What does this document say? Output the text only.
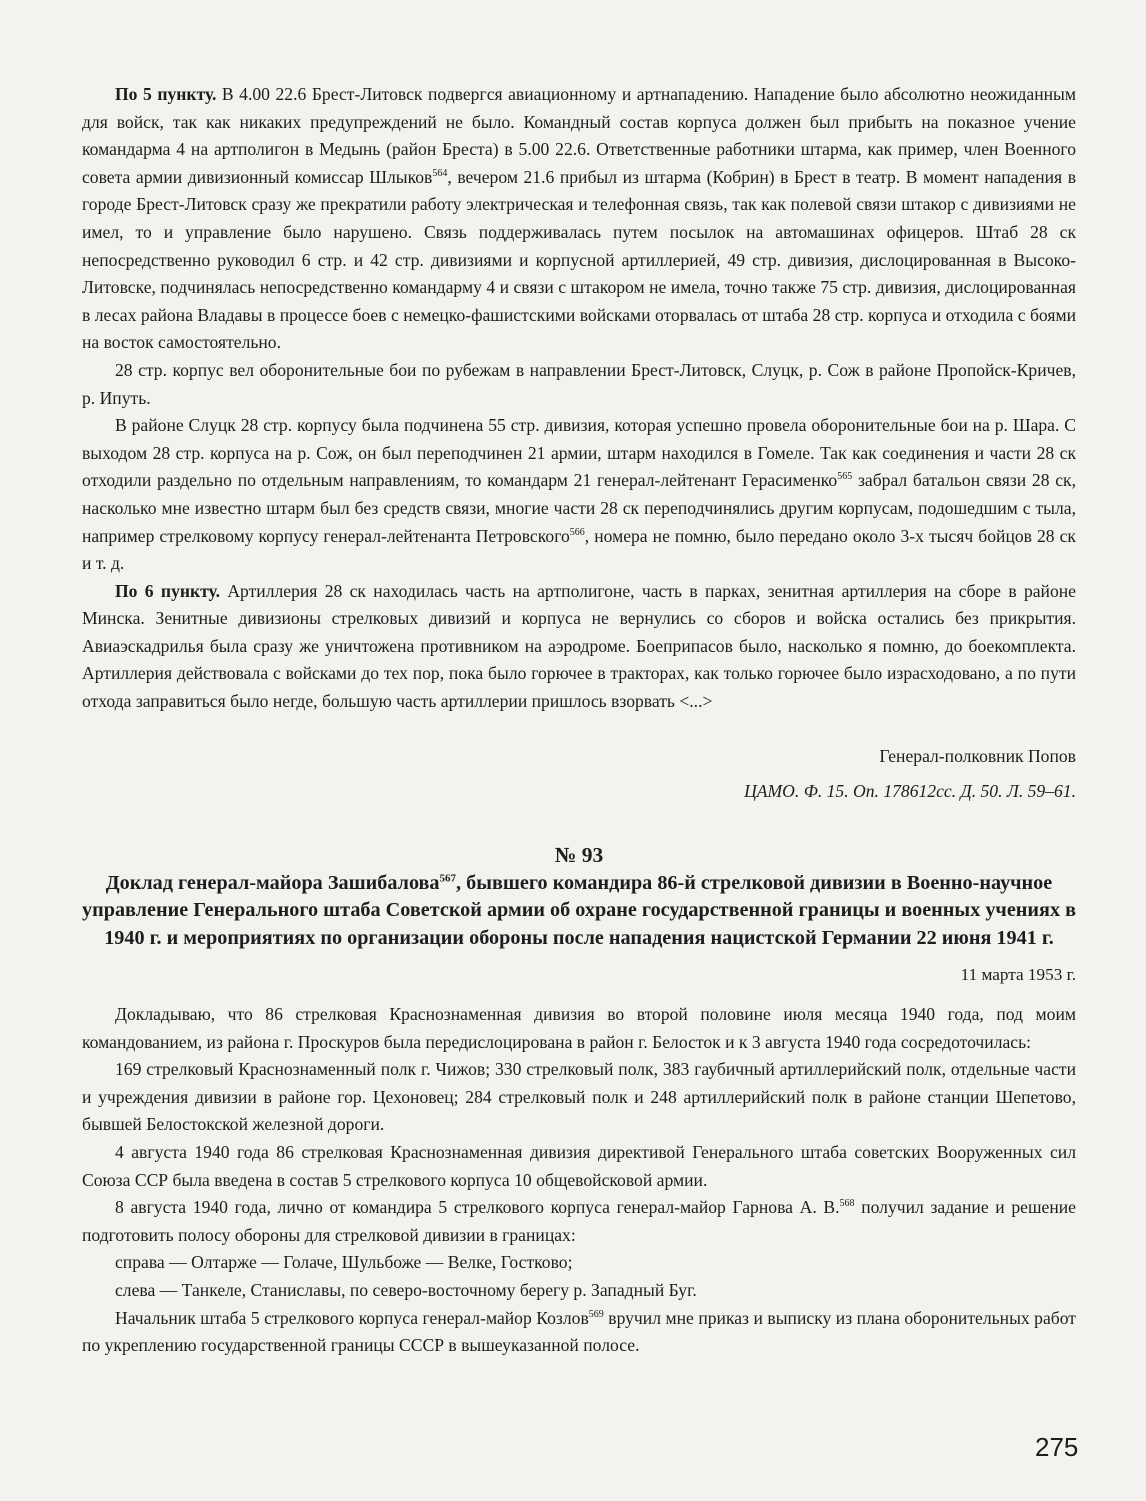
По 5 пункту. В 4.00 22.6 Брест-Литовск подвергся авиационному и артнападению. Нападение было абсолютно неожиданным для войск, так как никаких предупреждений не было. Командный состав корпуса должен был прибыть на показное учение командарма 4 на артполигон в Медынь (район Бреста) в 5.00 22.6. Ответственные работники штарма, как пример, член Военного совета армии дивизионный комиссар Шлыков$^{564}$, вечером 21.6 прибыл из штарма (Кобрин) в Брест в театр. В момент нападения в городе Брест-Литовск сразу же прекратили работу электрическая и телефонная связь, так как полевой связи штакор с дивизиями не имел, то и управление было нарушено. Связь поддерживалась путем посылок на автомашинах офицеров. Штаб 28 ск непосредственно руководил 6 стр. и 42 стр. дивизиями и корпусной артиллерией, 49 стр. дивизия, дислоцированная в Высоко-Литовске, подчинялась непосредственно командарму 4 и связи с штакором не имела, точно также 75 стр. дивизия, дислоцированная в лесах района Владавы в процессе боев с немецко-фашистскими войсками оторвалась от штаба 28 стр. корпуса и отходила с боями на восток самостоятельно.

28 стр. корпус вел оборонительные бои по рубежам в направлении Брест-Литовск, Слуцк, р. Сож в районе Пропойск-Кричев, р. Ипуть.

В районе Слуцк 28 стр. корпусу была подчинена 55 стр. дивизия, которая успешно провела оборонительные бои на р. Шара. С выходом 28 стр. корпуса на р. Сож, он был переподчинен 21 армии, штарм находился в Гомеле. Так как соединения и части 28 ск отходили раздельно по отдельным направлениям, то командарм 21 генерал-лейтенант Герасименко$^{565}$ забрал батальон связи 28 ск, насколько мне известно штарм был без средств связи, многие части 28 ск переподчинялись другим корпусам, подошедшим с тыла, например стрелковому корпусу генерал-лейтенанта Петровского$^{566}$, номера не помню, было передано около 3-х тысяч бойцов 28 ск и т. д.

По 6 пункту. Артиллерия 28 ск находилась часть на артполигоне, часть в парках, зенитная артиллерия на сборе в районе Минска. Зенитные дивизионы стрелковых дивизий и корпуса не вернулись со сборов и войска остались без прикрытия. Авиаэскадрилья была сразу же уничтожена противником на аэродроме. Боеприпасов было, насколько я помню, до боекомплекта. Артиллерия действовала с войсками до тех пор, пока было горючее в тракторах, как только горючее было израсходовано, а по пути отхода заправиться было негде, большую часть артиллерии пришлось взорвать <...>

Генерал-полковник Попов

ЦАМО. Ф. 15. Оп. 178612сс. Д. 50. Л. 59–61.

№ 93

Доклад генерал-майора Зашибалова$^{567}$, бывшего командира 86-й стрелковой дивизии в Военно-научное управление Генерального штаба Советской армии об охране государственной границы и военных учениях в 1940 г. и мероприятиях по организации обороны после нападения нацистской Германии 22 июня 1941 г.

11 марта 1953 г.

Докладываю, что 86 стрелковая Краснознаменная дивизия во второй половине июля месяца 1940 года, под моим командованием, из района г. Проскуров была передислоцирована в район г. Белосток и к 3 августа 1940 года сосредоточилась:

169 стрелковый Краснознаменный полк г. Чижов; 330 стрелковый полк, 383 гаубичный артиллерийский полк, отдельные части и учреждения дивизии в районе гор. Цехоновец; 284 стрелковый полк и 248 артиллерийский полк в районе станции Шепетово, бывшей Белостокской железной дороги.

4 августа 1940 года 86 стрелковая Краснознаменная дивизия директивой Генерального штаба советских Вооруженных сил Союза ССР была введена в состав 5 стрелкового корпуса 10 общевойсковой армии.

8 августа 1940 года, лично от командира 5 стрелкового корпуса генерал-майор Гарнова А. В.$^{568}$ получил задание и решение подготовить полосу обороны для стрелковой дивизии в границах:

справа — Олтарже — Голаче, Шульбоже — Велке, Гостково;

слева — Танкеле, Станиславы, по северо-восточному берегу р. Западный Буг.

Начальник штаба 5 стрелкового корпуса генерал-майор Козлов$^{569}$ вручил мне приказ и выписку из плана оборонительных работ по укреплению государственной границы СССР в вышеуказанной полосе.

275
